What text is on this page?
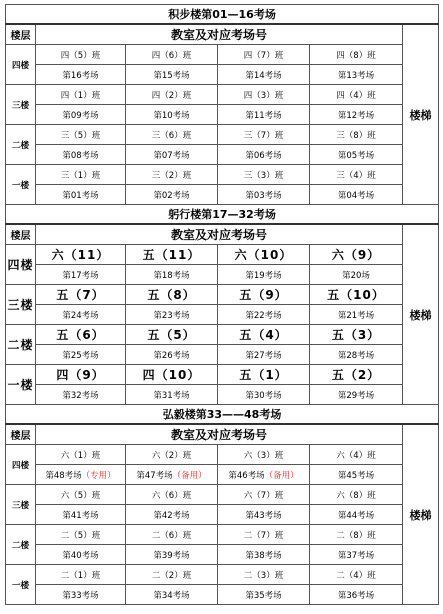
积步楼第01—16考场					
楼层	教室及对应考场号				楼梯
四楼	四（5）班	四（6）班	四（7）班	四（8）班	
	第16考场	第15考场	第14考场	第13考场	
三楼	四（1）班	四（2）班	四（3）班	四（4）班	
	第09考场	第10考场	第11考场	第12考场	
二楼	三（5）班	三（6）班	三（7）班	三（8）班	
	第08考场	第07考场	第06考场	第05考场	
一楼	三（1）班	三（2）班	三（3）班	三（4）班	
	第01考场	第02考场	第03考场	第04考场	
躬行楼第17—32考场					
楼层	教室及对应考场号				楼梯
四楼	六（11）	五（11）	六（10）	六（9）	
	第17考场	第18考场	第19考场	第20场	
三楼	五（7）	五（8）	五（9）	五（10）	
	第24考场	第23考场	第22考场	第21考场	
二楼	五（6）	五（5）	五（4）	五（3）	
	第25考场	第26考场	第27考场	第28考场	
一楼	四（9）	四（10）	五（1）	五（2）	
	第32考场	第31考场	第30考场	第29考场	
弘毅楼第33——48考场					
楼层	教室及对应考场号				楼梯
四楼	六（1）班	六（2）班	六（3）班	六（4）班	
	第48考场（专用）	第47考场（备用）	第46考场（备用）	第45考场	
三楼	六（5）班	六（6）班	六（7）班	六（8）班	
	第41考场	第42考场	第43考场	第44考场	
二楼	二（5）班	二（6）班	二（7）班	二（8）班	
	第40考场	第39考场	第38考场	第37考场	
一楼	二（1）班	二（2）班	二（3）班	二（4）班	
	第33考场	第34考场	第35考场	第36考场	
